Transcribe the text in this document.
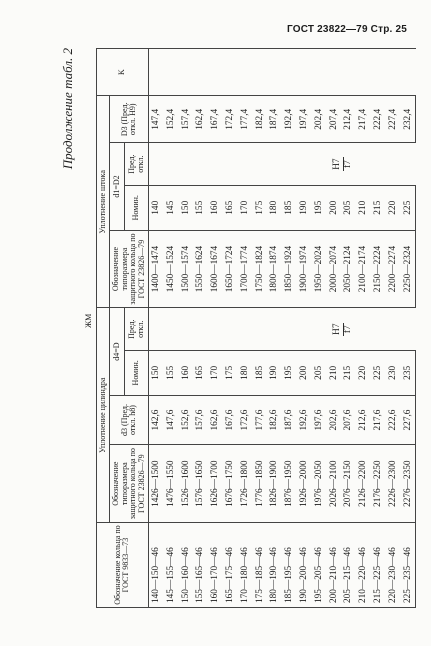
ГОСТ 23822—79 Стр. 25
Продолжение табл. 2
ЖМ
Обозначение кольца по ГОСТ 9833—73	Уплотнение цилиндра				Уплотнение штока				K
	Обозначение типоразмера защитного кольца по ГОСТ 23826—79	d3 (Пред. откл. h8)	d4=D		Обозначение типоразмера защитного кольца по ГОСТ 23826—79	d1=D2		D3 (Пред. откл. H9)	
			Номин.	Пред. откл.		Номин.	Пред. откл.		
140—150—46	1426—1500	142,6	150	H7 f7	1400—1474	140	H7 f7	147,4	
145—155—46	1476—1550	147,6	155		1450—1524	145		152,4	
150—160—46	1526—1600	152,6	160		1500—1574	150		157,4	
155—165—46	1576—1650	157,6	165		1550—1624	155		162,4	
160—170—46	1626—1700	162,6	170		1600—1674	160		167,4	
165—175—46	1676—1750	167,6	175		1650—1724	165		172,4	
170—180—46	1726—1800	172,6	180		1700—1774	170		177,4	
175—185—46	1776—1850	177,6	185		1750—1824	175		182,4	
180—190—46	1826—1900	182,6	190		1800—1874	180		187,4	
185—195—46	1876—1950	187,6	195		1850—1924	185		192,4	
190—200—46	1926—2000	192,6	200		1900—1974	190		197,4	
195—205—46	1976—2050	197,6	205		1950—2024	195		202,4	
200—210—46	2026—2100	202,6	210		2000—2074	200		207,4	
205—215—46	2076—2150	207,6	215		2050—2124	205		212,4	
210—220—46	2126—2200	212,6	220		2100—2174	210		217,4	
215—225—46	2176—2250	217,6	225		2150—2224	215		222,4	
220—230—46	2226—2300	222,6	230		2200—2274	220		227,4	
225—235—46	2276—2350	227,6	235		2250—2324	225		232,4	
